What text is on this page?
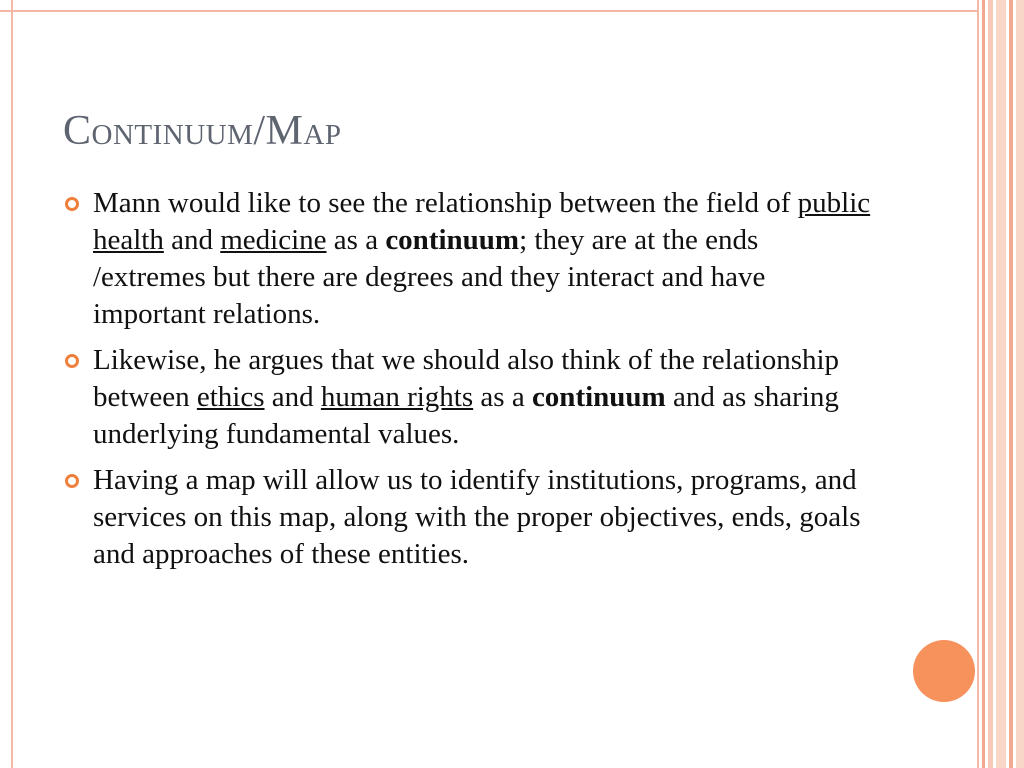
Continuum/Map
Mann would like to see the relationship between the field of public health and medicine as a continuum; they are at the ends /extremes but there are degrees and they interact and have important relations.
Likewise, he argues that we should also think of the relationship between ethics and human rights as a continuum and as sharing underlying fundamental values.
Having a map will allow us to identify institutions, programs, and services on this map, along with the proper objectives, ends, goals and approaches of these entities.
